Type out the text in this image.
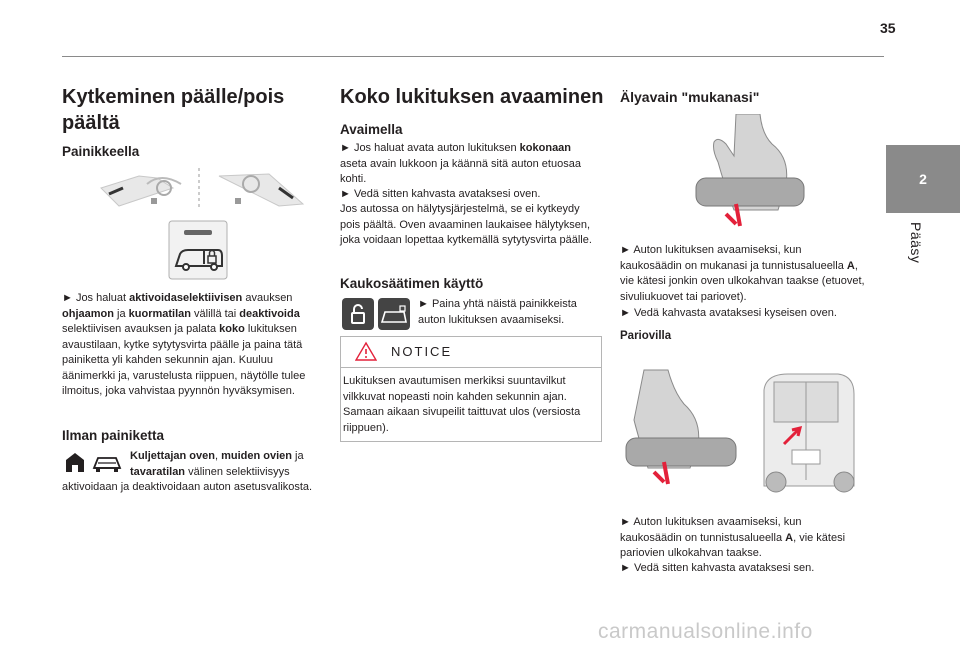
35
2
Pääsy
Kytkeminen päälle/pois päältä
Painikkeella

► Jos haluat aktivoidaselektiivisen avauksen ohjaamon ja kuormatilan välillä tai deaktivoida selektiivisen avauksen ja palata koko lukituksen avaustilaan, kytke sytytysvirta päälle ja paina tätä painiketta yli kahden sekunnin ajan. Kuuluu äänimerkki ja, varustelusta riippuen, näytölle tulee ilmoitus, joka vahvistaa pyynnön hyväksymisen.

Ilman painiketta

Kuljettajan oven, muiden ovien ja tavaratilan välinen selektiivisyys

aktivoidaan ja deaktivoidaan auton asetusvalikosta.

Koko lukituksen avaaminen
Avaimella

► Jos haluat avata auton lukituksen kokonaan aseta avain lukkoon ja käännä sitä auton etuosaa kohti.

► Vedä sitten kahvasta avataksesi oven.

Jos autossa on hälytysjärjestelmä, se ei kytkeydy pois päältä. Oven avaaminen laukaisee hälytyksen, joka voidaan lopettaa kytkemällä sytytysvirta päälle.

Kaukosäätimen käyttö

► Paina yhtä näistä painikkeista auton lukituksen avaamiseksi.

NOTICE

Lukituksen avautumisen merkiksi suuntavilkut vilkkuvat nopeasti noin kahden sekunnin ajan. Samaan aikaan sivupeilit taittuvat ulos (versiosta riippuen).

Älyavain "mukanasi"

► Auton lukituksen avaamiseksi, kun kaukosäädin on mukanasi ja tunnistusalueella A, vie kätesi jonkin oven ulkokahvan taakse (etuovet, sivuliukuovet tai pariovet).

► Vedä kahvasta avataksesi kyseisen oven.

Pariovilla

► Auton lukituksen avaamiseksi, kun kaukosäädin on tunnistusalueella A, vie kätesi pariovien ulkokahvan taakse.

► Vedä sitten kahvasta avataksesi sen.

carmanualsonline.info
